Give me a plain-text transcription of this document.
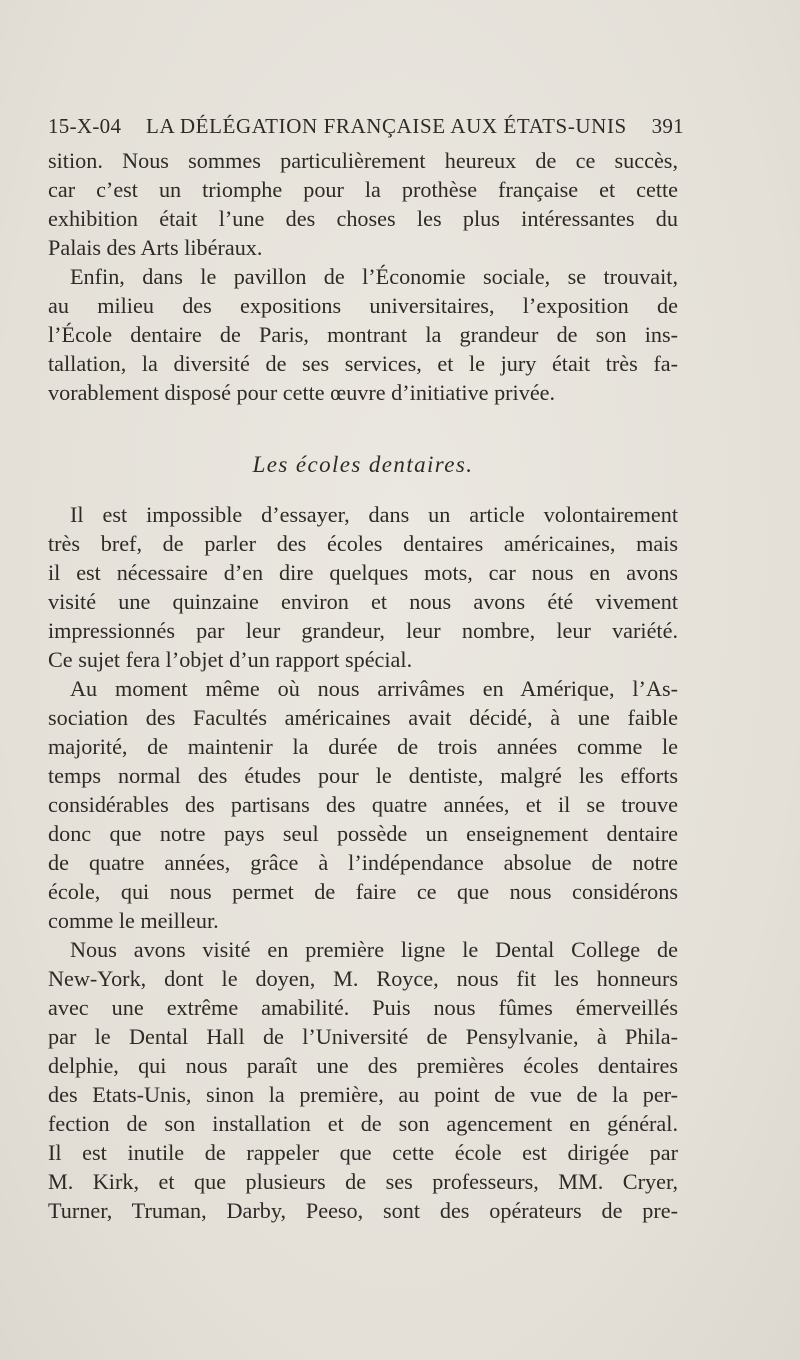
15-X-04 LA DÉLÉGATION FRANÇAISE AUX ÉTATS-UNIS 391
sition. Nous sommes particulièrement heureux de ce succès,
car c’est un triomphe pour la prothèse française et cette
exhibition était l’une des choses les plus intéressantes du
Palais des Arts libéraux.
Enfin, dans le pavillon de l’Économie sociale, se trouvait,
au milieu des expositions universitaires, l’exposition de
l’École dentaire de Paris, montrant la grandeur de son ins-
tallation, la diversité de ses services, et le jury était très fa-
vorablement disposé pour cette œuvre d’initiative privée.
Les écoles dentaires.
Il est impossible d’essayer, dans un article volontairement
très bref, de parler des écoles dentaires américaines, mais
il est nécessaire d’en dire quelques mots, car nous en avons
visité une quinzaine environ et nous avons été vivement
impressionnés par leur grandeur, leur nombre, leur variété.
Ce sujet fera l’objet d’un rapport spécial.
Au moment même où nous arrivâmes en Amérique, l’As-
sociation des Facultés américaines avait décidé, à une faible
majorité, de maintenir la durée de trois années comme le
temps normal des études pour le dentiste, malgré les efforts
considérables des partisans des quatre années, et il se trouve
donc que notre pays seul possède un enseignement dentaire
de quatre années, grâce à l’indépendance absolue de notre
école, qui nous permet de faire ce que nous considérons
comme le meilleur.
Nous avons visité en première ligne le Dental College de
New-York, dont le doyen, M. Royce, nous fit les honneurs
avec une extrême amabilité. Puis nous fûmes émerveillés
par le Dental Hall de l’Université de Pensylvanie, à Phila-
delphie, qui nous paraît une des premières écoles dentaires
des Etats-Unis, sinon la première, au point de vue de la per-
fection de son installation et de son agencement en général.
Il est inutile de rappeler que cette école est dirigée par
M. Kirk, et que plusieurs de ses professeurs, MM. Cryer,
Turner, Truman, Darby, Peeso, sont des opérateurs de pre-
